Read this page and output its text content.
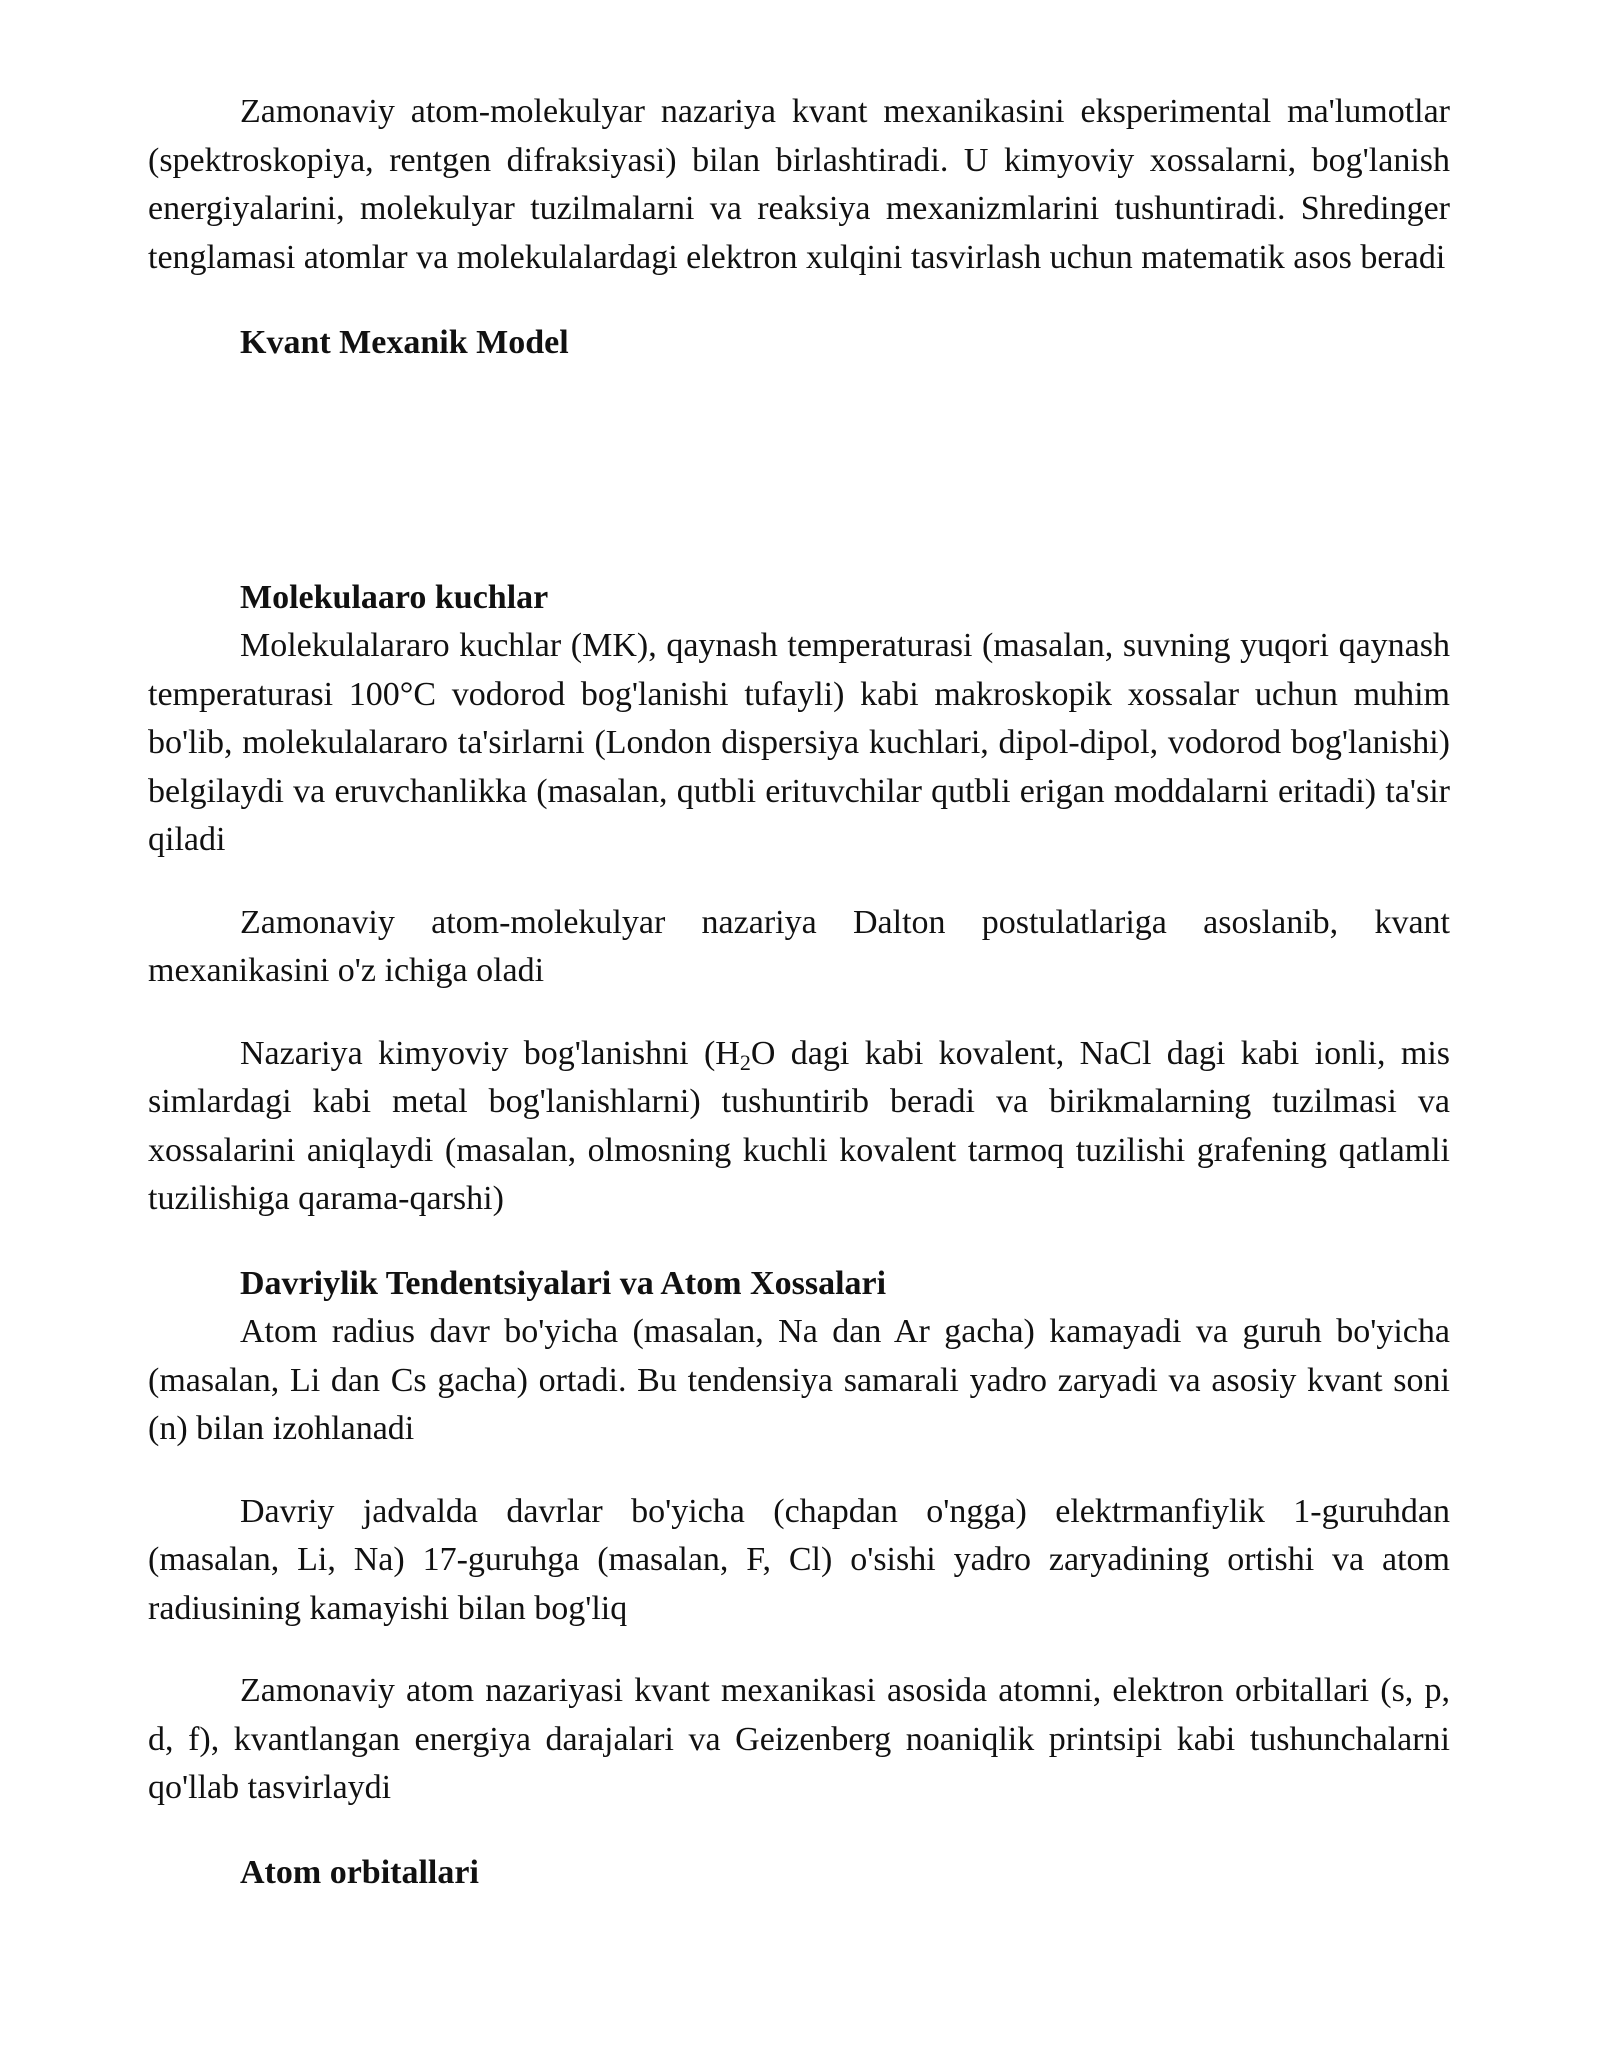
Zamonaviy atom-molekulyar nazariya kvant mexanikasini eksperimental ma'lumotlar (spektroskopiya, rentgen difraksiyasi) bilan birlashtiradi. U kimyoviy xossalarni, bog'lanish energiyalarini, molekulyar tuzilmalarni va reaksiya mexanizmlarini tushuntiradi. Shredinger tenglamasi atomlar va molekulalardagi elektron xulqini tasvirlash uchun matematik asos beradi

Kvant Mexanik Model
Molekulaaro kuchlar

Molekulalararo kuchlar (MK), qaynash temperaturasi (masalan, suvning yuqori qaynash temperaturasi 100°C vodorod bog'lanishi tufayli) kabi makroskopik xossalar uchun muhim bo'lib, molekulalararo ta'sirlarni (London dispersiya kuchlari, dipol-dipol, vodorod bog'lanishi) belgilaydi va eruvchanlikka (masalan, qutbli erituvchilar qutbli erigan moddalarni eritadi) ta'sir qiladi

Zamonaviy atom-molekulyar nazariya Dalton postulatlariga asoslanib, kvant mexanikasini o'z ichiga oladi

Nazariya kimyoviy bog'lanishni ($H_2O$ dagi kabi kovalent, NaCl dagi kabi ionli, mis simlardagi kabi metal bog'lanishlarni) tushuntirib beradi va birikmalarning tuzilmasi va xossalarini aniqlaydi (masalan, olmosning kuchli kovalent tarmoq tuzilishi grafening qatlamli tuzilishiga qarama-qarshi)

Davriylik Tendentsiyalari va Atom Xossalari

Atom radius davr bo'yicha (masalan, Na dan Ar gacha) kamayadi va guruh bo'yicha (masalan, Li dan Cs gacha) ortadi. Bu tendensiya samarali yadro zaryadi va asosiy kvant soni (n) bilan izohlanadi

Davriy jadvalda davrlar bo'yicha (chapdan o'ngga) elektrmanfiylik 1-guruhdan (masalan, Li, Na) 17-guruhga (masalan, F, Cl) o'sishi yadro zaryadining ortishi va atom radiusining kamayishi bilan bog'liq

Zamonaviy atom nazariyasi kvant mexanikasi asosida atomni, elektron orbitallari (s, p, d, f), kvantlangan energiya darajalari va Geizenberg noaniqlik printsipi kabi tushunchalarni qo'llab tasvirlaydi

Atom orbitallari
